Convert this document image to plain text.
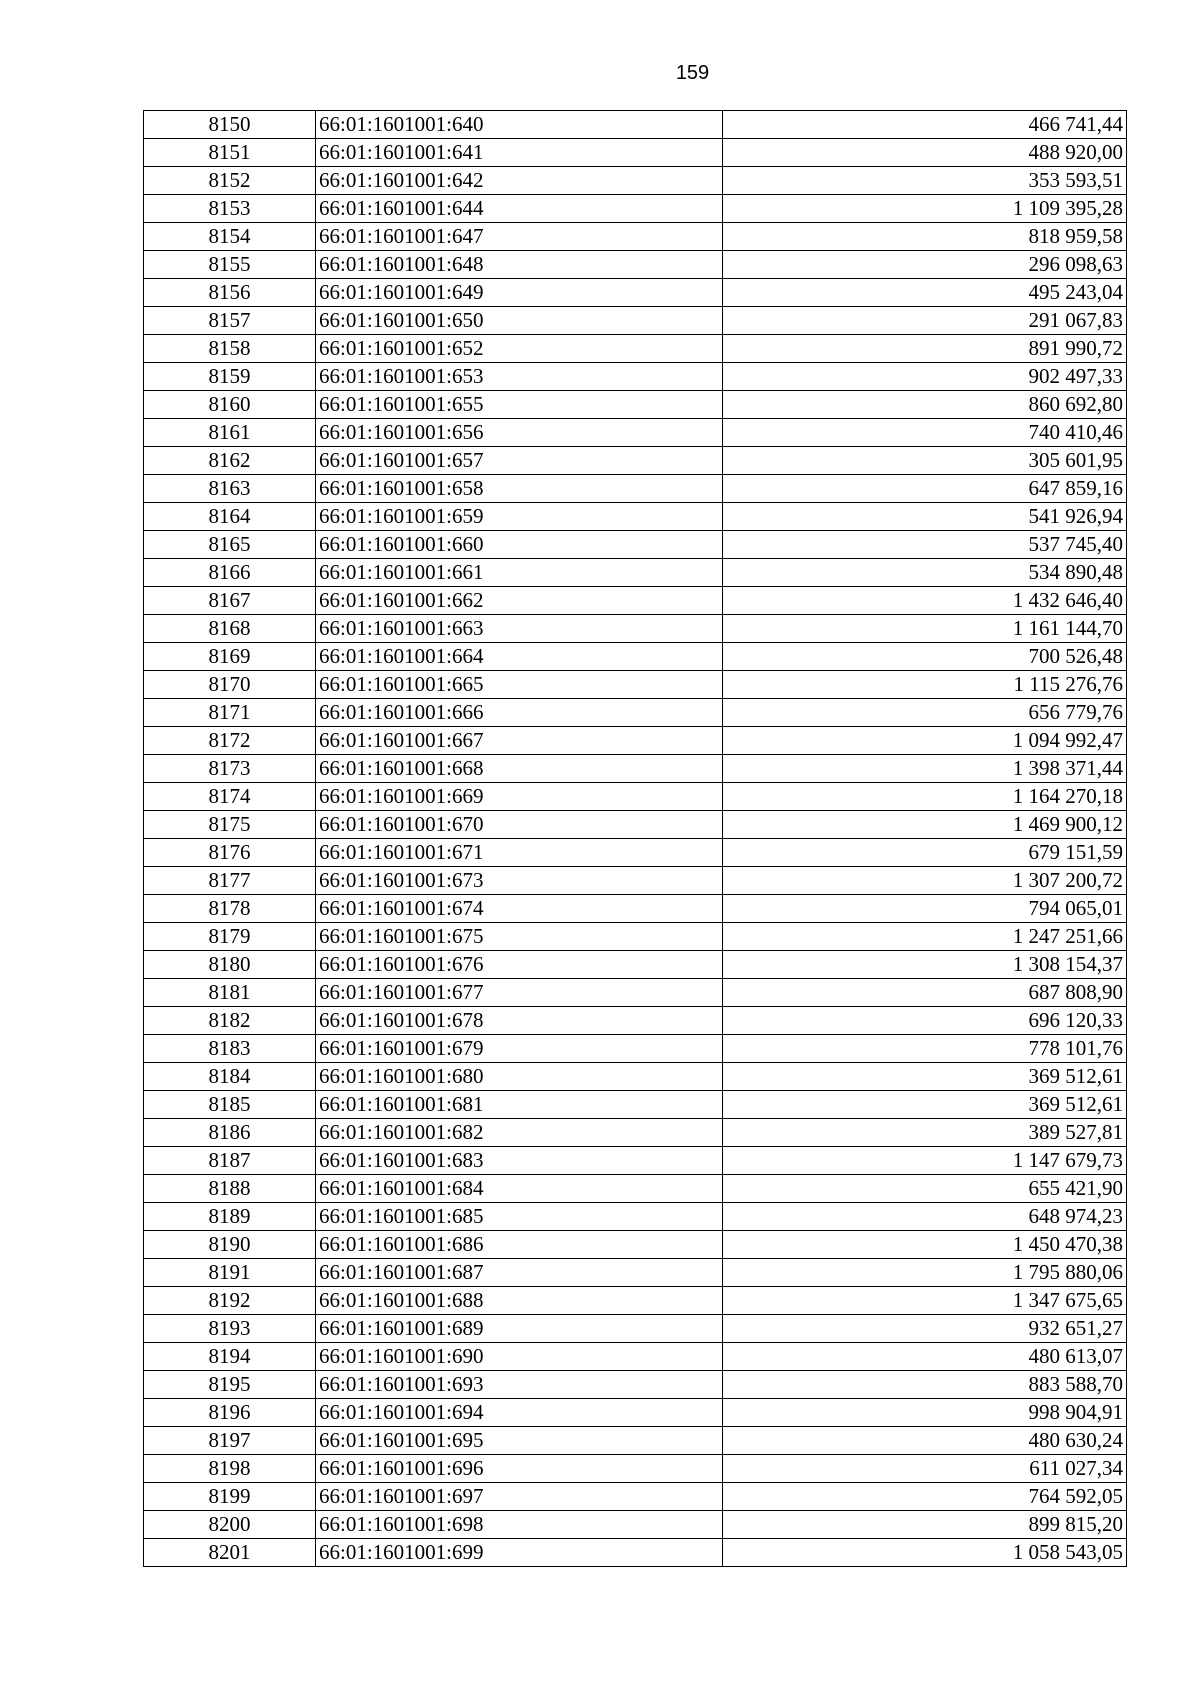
159
8150	66:01:1601001:640	466 741,44
8151	66:01:1601001:641	488 920,00
8152	66:01:1601001:642	353 593,51
8153	66:01:1601001:644	1 109 395,28
8154	66:01:1601001:647	818 959,58
8155	66:01:1601001:648	296 098,63
8156	66:01:1601001:649	495 243,04
8157	66:01:1601001:650	291 067,83
8158	66:01:1601001:652	891 990,72
8159	66:01:1601001:653	902 497,33
8160	66:01:1601001:655	860 692,80
8161	66:01:1601001:656	740 410,46
8162	66:01:1601001:657	305 601,95
8163	66:01:1601001:658	647 859,16
8164	66:01:1601001:659	541 926,94
8165	66:01:1601001:660	537 745,40
8166	66:01:1601001:661	534 890,48
8167	66:01:1601001:662	1 432 646,40
8168	66:01:1601001:663	1 161 144,70
8169	66:01:1601001:664	700 526,48
8170	66:01:1601001:665	1 115 276,76
8171	66:01:1601001:666	656 779,76
8172	66:01:1601001:667	1 094 992,47
8173	66:01:1601001:668	1 398 371,44
8174	66:01:1601001:669	1 164 270,18
8175	66:01:1601001:670	1 469 900,12
8176	66:01:1601001:671	679 151,59
8177	66:01:1601001:673	1 307 200,72
8178	66:01:1601001:674	794 065,01
8179	66:01:1601001:675	1 247 251,66
8180	66:01:1601001:676	1 308 154,37
8181	66:01:1601001:677	687 808,90
8182	66:01:1601001:678	696 120,33
8183	66:01:1601001:679	778 101,76
8184	66:01:1601001:680	369 512,61
8185	66:01:1601001:681	369 512,61
8186	66:01:1601001:682	389 527,81
8187	66:01:1601001:683	1 147 679,73
8188	66:01:1601001:684	655 421,90
8189	66:01:1601001:685	648 974,23
8190	66:01:1601001:686	1 450 470,38
8191	66:01:1601001:687	1 795 880,06
8192	66:01:1601001:688	1 347 675,65
8193	66:01:1601001:689	932 651,27
8194	66:01:1601001:690	480 613,07
8195	66:01:1601001:693	883 588,70
8196	66:01:1601001:694	998 904,91
8197	66:01:1601001:695	480 630,24
8198	66:01:1601001:696	611 027,34
8199	66:01:1601001:697	764 592,05
8200	66:01:1601001:698	899 815,20
8201	66:01:1601001:699	1 058 543,05
